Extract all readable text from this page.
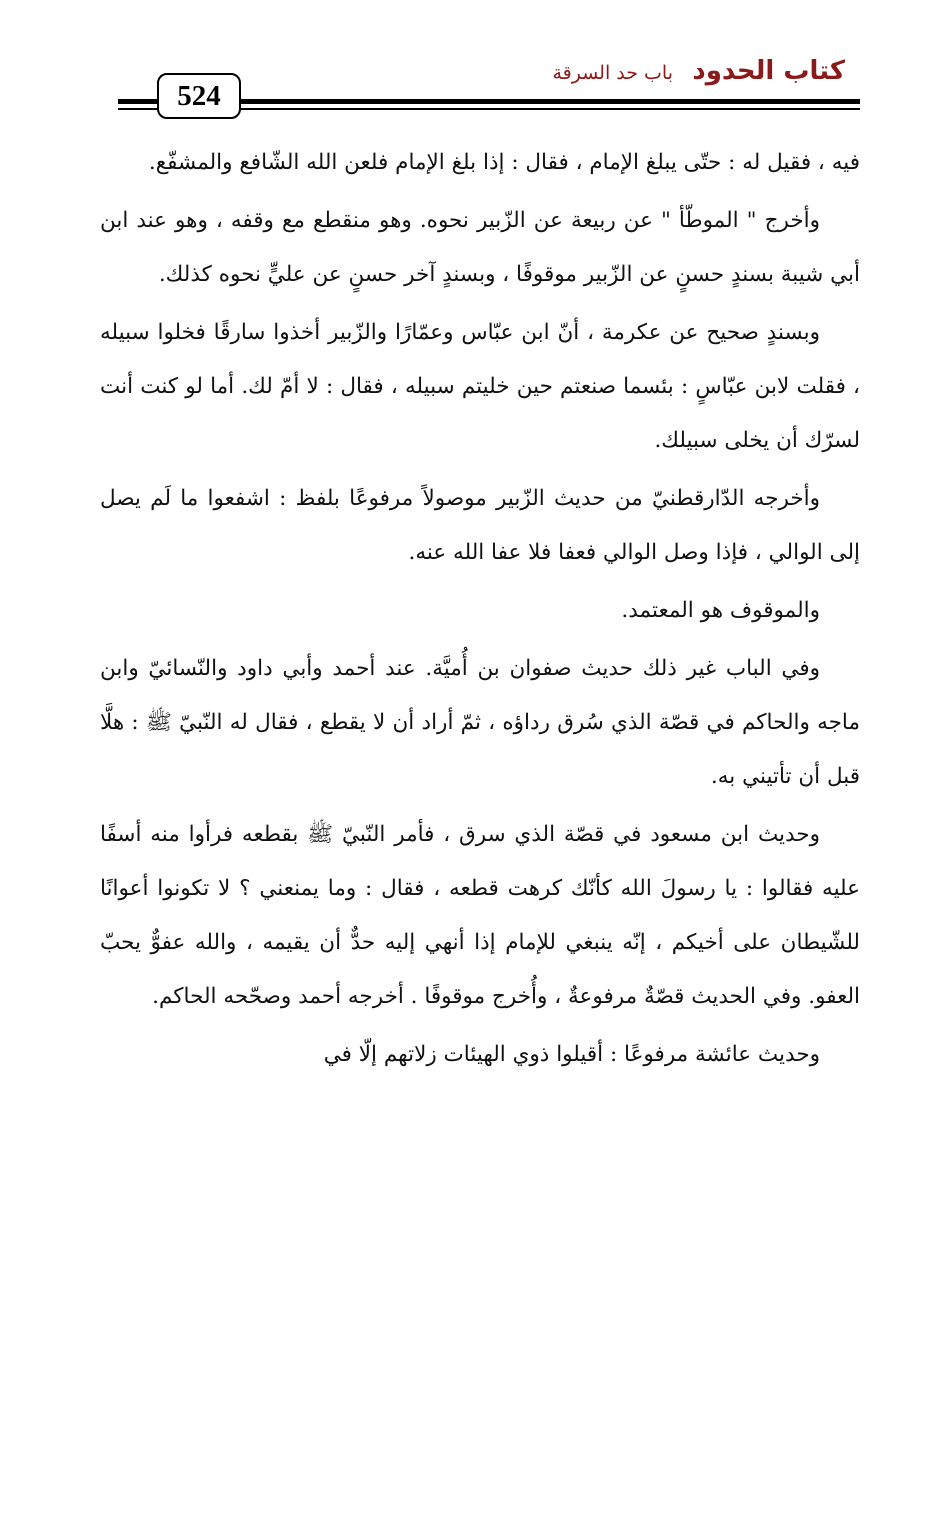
كتاب الحدود
باب حد السرقة
524

فيه ، فقيل له : حتّى يبلغ الإمام ، فقال : إذا بلغ الإمام فلعن الله الشّافع والمشفّع.

وأخرج " الموطّأ " عن ربيعة عن الزّبير نحوه. وهو منقطع مع وقفه ، وهو عند ابن أبي شيبة بسندٍ حسنٍ عن الزّبير موقوفًا ، وبسندٍ آخر حسنٍ عن عليٍّ نحوه كذلك.

وبسندٍ صحيح عن عكرمة ، أنّ ابن عبّاس وعمّارًا والزّبير أخذوا سارقًا فخلوا سبيله ، فقلت لابن عبّاسٍ : بئسما صنعتم حين خليتم سبيله ، فقال : لا أمّ لك. أما لو كنت أنت لسرّك أن يخلى سبيلك.

وأخرجه الدّارقطنيّ من حديث الزّبير موصولاً مرفوعًا بلفظ : اشفعوا ما لَم يصل إلى الوالي ، فإذا وصل الوالي فعفا فلا عفا الله عنه.

والموقوف هو المعتمد.

وفي الباب غير ذلك حديث صفوان بن أُميَّة. عند أحمد وأبي داود والنّسائيّ وابن ماجه والحاكم في قصّة الذي سُرق رداؤه ، ثمّ أراد أن لا يقطع ، فقال له النّبيّ ﷺ : هلَّا قبل أن تأتيني به.

وحديث ابن مسعود في قصّة الذي سرق ، فأمر النّبيّ ﷺ بقطعه فرأوا منه أسفًا عليه فقالوا : يا رسولَ الله كأنّك كرهت قطعه ، فقال : وما يمنعني ؟ لا تكونوا أعوانًا للشّيطان على أخيكم ، إنّه ينبغي للإمام إذا أنهي إليه حدٌّ أن يقيمه ، والله عفوٌّ يحبّ العفو. وفي الحديث قصّةٌ مرفوعةٌ ، وأُخرج موقوفًا . أخرجه أحمد وصحّحه الحاكم.

وحديث عائشة مرفوعًا : أقيلوا ذوي الهيئات زلاتهم إلّا في
